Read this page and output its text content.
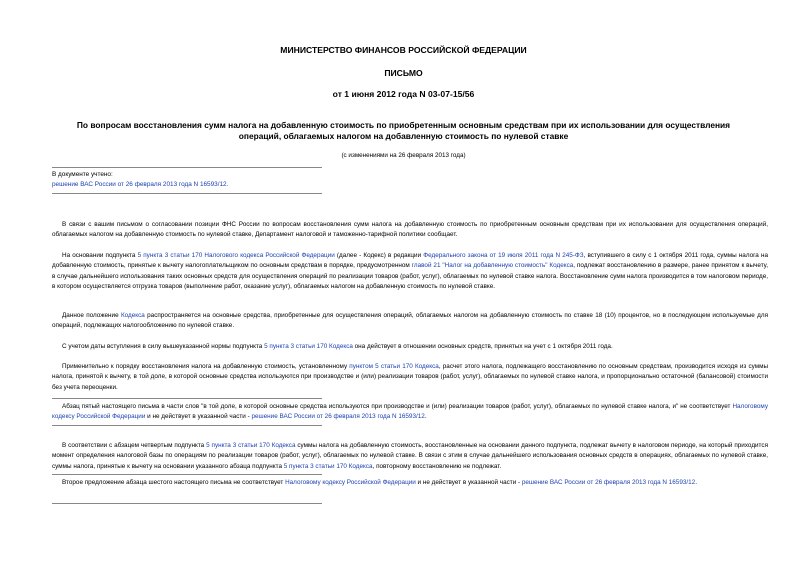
МИНИСТЕРСТВО ФИНАНСОВ РОССИЙСКОЙ ФЕДЕРАЦИИ
ПИСЬМО
от 1 июня 2012 года N 03-07-15/56
По вопросам восстановления сумм налога на добавленную стоимость по приобретенным основным средствам при их использовании для осуществления операций, облагаемых налогом на добавленную стоимость по нулевой ставке
(с изменениями на 26 февраля 2013 года)
В документе учтено:
решение ВАС России от 26 февраля 2013 года N 16593/12.
В связи с вашим письмом о согласовании позиции ФНС России по вопросам восстановления сумм налога на добавленную стоимость по приобретенным основным средствам при их использовании для осуществления операций, облагаемых налогом на добавленную стоимость по нулевой ставке, Департамент налоговой и таможенно-тарифной политики сообщает.
На основании подпункта 5 пункта 3 статьи 170 Налогового кодекса Российской Федерации (далее - Кодекс) в редакции Федерального закона от 19 июля 2011 года N 245-ФЗ, вступившего в силу с 1 октября 2011 года, суммы налога на добавленную стоимость, принятые к вычету налогоплательщиком по основным средствам в порядке, предусмотренном главой 21 "Налог на добавленную стоимость" Кодекса, подлежат восстановлению в размере, ранее принятом к вычету, в случае дальнейшего использования таких основных средств для осуществления операций по реализации товаров (работ, услуг), облагаемых по нулевой ставке налога. Восстановление сумм налога производится в том налоговом периоде, в котором осуществляется отгрузка товаров (выполнение работ, оказание услуг), облагаемых налогом на добавленную стоимость по нулевой ставке.
Данное положение Кодекса распространяется на основные средства, приобретенные для осуществления операций, облагаемых налогом на добавленную стоимость по ставке 18 (10) процентов, но в последующем используемые для операций, подлежащих налогообложению по нулевой ставке.
С учетом даты вступления в силу вышеуказанной нормы подпункта 5 пункта 3 статьи 170 Кодекса она действует в отношении основных средств, принятых на учет с 1 октября 2011 года.
Применительно к порядку восстановления налога на добавленную стоимость, установленному пунктом 5 статьи 170 Кодекса, расчет этого налога, подлежащего восстановлению по основным средствам, производится исходя из суммы налога, принятой к вычету, в той доле, в которой основные средства используются при производстве и (или) реализации товаров (работ, услуг), облагаемых по нулевой ставке налога, и пропорционально остаточной (балансовой) стоимости без учета переоценки.
Абзац пятый настоящего письма в части слов "в той доле, в которой основные средства используются при производстве и (или) реализации товаров (работ, услуг), облагаемых по нулевой ставке налога, и" не соответствует Налоговому кодексу Российской Федерации и не действует в указанной части - решение ВАС России от 26 февраля 2013 года N 16593/12.
В соответствии с абзацем четвертым подпункта 5 пункта 3 статьи 170 Кодекса суммы налога на добавленную стоимость, восстановленные на основании данного подпункта, подлежат вычету в налоговом периоде, на который приходится момент определения налоговой базы по операциям по реализации товаров (работ, услуг), облагаемых по нулевой ставке. В связи с этим в случае дальнейшего использования основных средств в операциях, облагаемых по нулевой ставке, суммы налога, принятые к вычету на основании указанного абзаца подпункта 5 пункта 3 статьи 170 Кодекса, повторному восстановлению не подлежат.
Второе предложение абзаца шестого настоящего письма не соответствует Налоговому кодексу Российской Федерации и не действует в указанной части - решение ВАС России от 26 февраля 2013 года N 16593/12.
